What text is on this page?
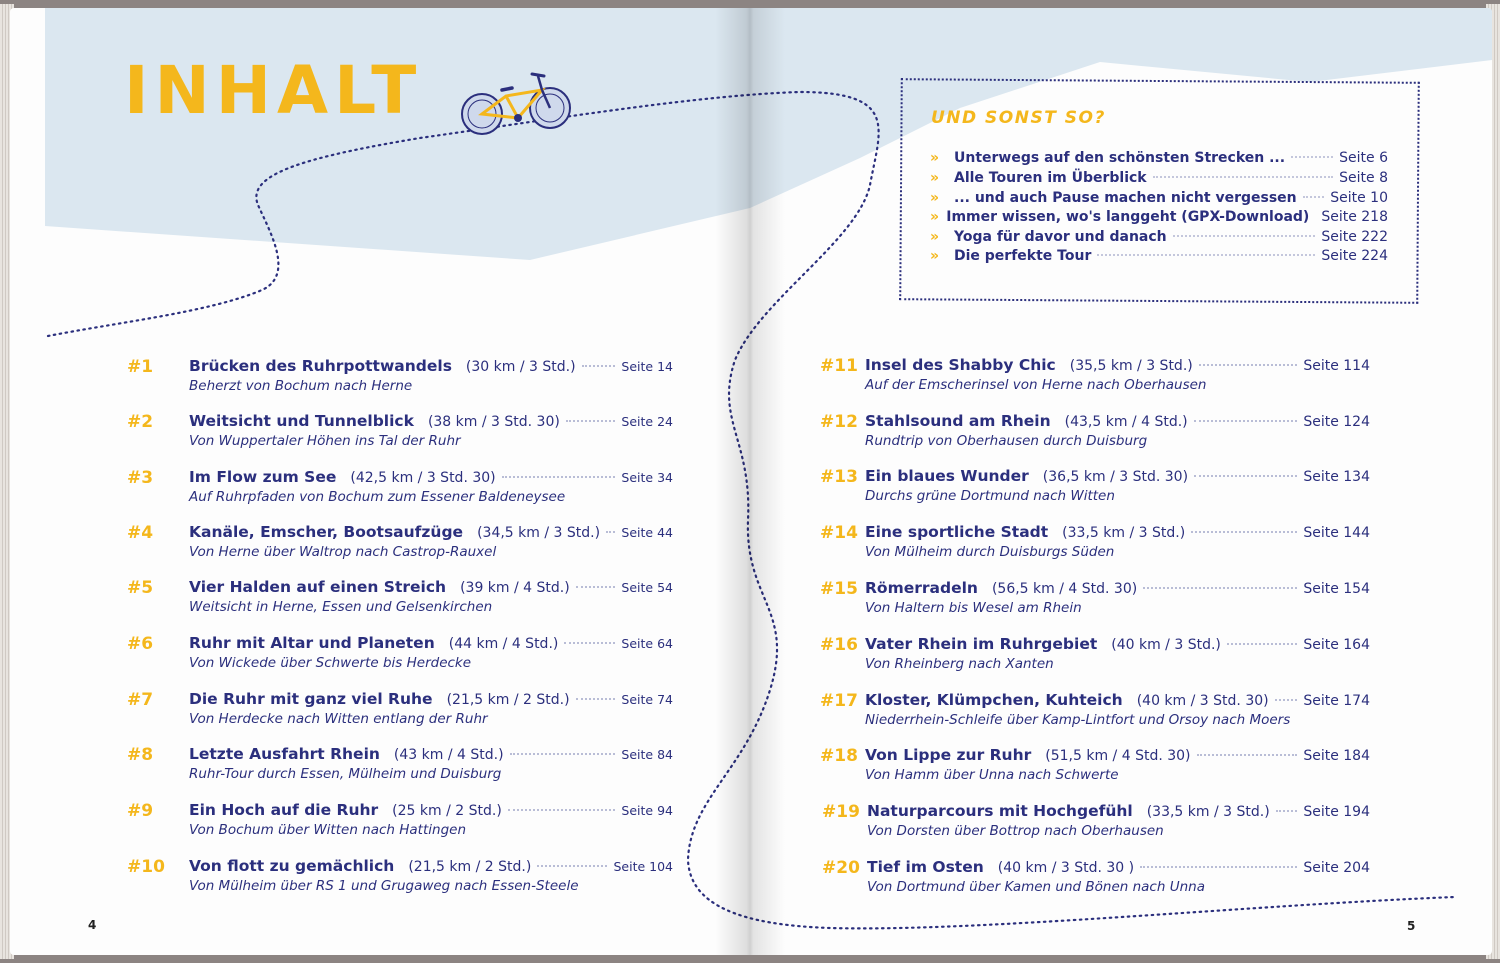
INHALT
#1 Brücken des Ruhrpottwandels (30 km / 3 Std.)	Seite 14
Beherzt von Bochum nach Herne
#2 Weitsicht und Tunnelblick (38 km / 3 Std. 30)	Seite 24
Von Wuppertaler Höhen ins Tal der Ruhr
#3 Im Flow zum See (42,5 km / 3 Std. 30)	Seite 34
Auf Ruhrpfaden von Bochum zum Essener Baldeneysee
#4 Kanäle, Emscher, Bootsaufzüge (34,5 km / 3 Std.) Seite 44
Von Herne über Waltrop nach Castrop-Rauxel
#5 Vier Halden auf einen Streich (39 km / 4 Std.)	Seite 54
Weitsicht in Herne, Essen und Gelsenkirchen
#6 Ruhr mit Altar und Planeten (44 km / 4 Std.)	Seite 64
Von Wickede über Schwerte bis Herdecke
#7 Die Ruhr mit ganz viel Ruhe (21,5 km / 2 Std.)	Seite 74
Von Herdecke nach Witten entlang der Ruhr
#8 Letzte Ausfahrt Rhein (43 km / 4 Std.)	Seite 84
Ruhr-Tour durch Essen, Mülheim und Duisburg
#9 Ein Hoch auf die Ruhr (25 km / 2 Std.)	Seite 94
Von Bochum über Witten nach Hattingen
#10 Von flott zu gemächlich (21,5 km / 2 Std.)	Seite 104
Von Mülheim über RS 1 und Grugaweg nach Essen-Steele
UND SONST SO?
»	Unterwegs auf den schönsten Strecken ...	Seite 6
»	Alle Touren im Überblick	Seite 8
»	... und auch Pause machen nicht vergessen Seite 10
» Immer wissen, wo's langgeht (GPX-Download) Seite 218
»	Yoga für davor und danach	Seite 222
»	Die perfekte Tour	Seite 224
#11 Insel des Shabby Chic (35,5 km / 3 Std.)	Seite 114
Auf der Emscherinsel von Herne nach Oberhausen
#12 Stahlsound am Rhein (43,5 km / 4 Std.)	Seite 124
Rundtrip von Oberhausen durch Duisburg
#13 Ein blaues Wunder (36,5 km / 3 Std. 30)	Seite 134
Durchs grüne Dortmund nach Witten
#14 Eine sportliche Stadt (33,5 km / 3 Std.)	Seite 144
Von Mülheim durch Duisburgs Süden
#15 Römerradeln (56,5 km / 4 Std. 30)	Seite 154
Von Haltern bis Wesel am Rhein
#16 Vater Rhein im Ruhrgebiet (40 km / 3 Std.)	Seite 164
Von Rheinberg nach Xanten
#17 Kloster, Klümpchen, Kuhteich (40 km / 3 Std. 30) Seite 174
Niederrhein-Schleife über Kamp-Lintfort und Orsoy nach Moers
#18 Von Lippe zur Ruhr (51,5 km / 4 Std. 30)	Seite 184
Von Hamm über Unna nach Schwerte
#19 Naturparcours mit Hochgefühl (33,5 km / 3 Std.) Seite 194
Von Dorsten über Bottrop nach Oberhausen
#20 Tief im Osten (40 km / 3 Std. 30 )	Seite 204
Von Dortmund über Kamen und Bönen nach Unna
4	5
